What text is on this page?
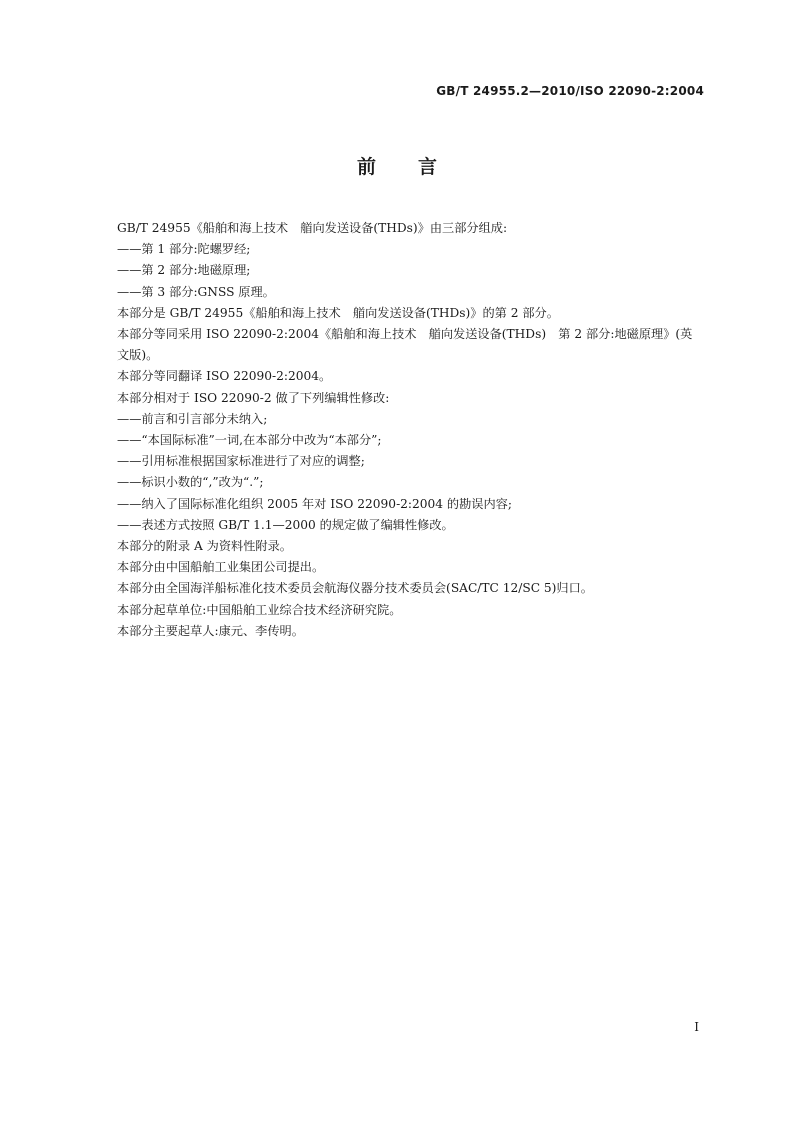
GB/T 24955.2—2010/ISO 22090-2:2004
前言

GB/T 24955《船舶和海上技术　艏向发送设备(THDs)》由三部分组成:

——第 1 部分:陀螺罗经;

——第 2 部分:地磁原理;

——第 3 部分:GNSS 原理。

本部分是 GB/T 24955《船舶和海上技术　艏向发送设备(THDs)》的第 2 部分。

本部分等同采用 ISO 22090-2:2004《船舶和海上技术　艏向发送设备(THDs)　第 2 部分:地磁原理》(英文版)。

本部分等同翻译 ISO 22090-2:2004。

本部分相对于 ISO 22090-2 做了下列编辑性修改:

——前言和引言部分未纳入;

——“本国际标准”一词,在本部分中改为“本部分”;

——引用标准根据国家标准进行了对应的调整;

——标识小数的“,”改为“.”;

——纳入了国际标准化组织 2005 年对 ISO 22090-2:2004 的勘误内容;

——表述方式按照 GB/T 1.1—2000 的规定做了编辑性修改。

本部分的附录 A 为资料性附录。

本部分由中国船舶工业集团公司提出。

本部分由全国海洋船标准化技术委员会航海仪器分技术委员会(SAC/TC 12/SC 5)归口。

本部分起草单位:中国船舶工业综合技术经济研究院。

本部分主要起草人:康元、李传明。

I
